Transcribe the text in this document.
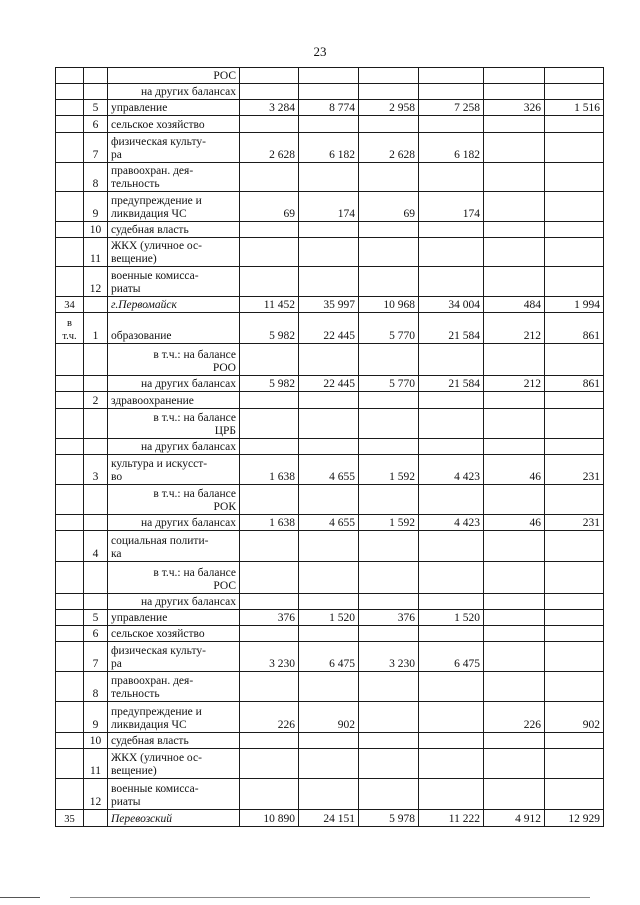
23
		РОС						
		на других балансах						
	5	управление	3 284	8 774	2 958	7 258	326	1 516
	6	сельское хозяйство						
	7	физическая культу-
ра	2 628	6 182	2 628	6 182		
	8	правоохран. дея-
тельность						
	9	предупреждение и
ликвидация ЧС	69	174	69	174		
	10	судебная власть						
	11	ЖКХ (уличное ос-
вещение)						
	12	военные комисса-
риаты						
34		г.Первомайск	11 452	35 997	10 968	34 004	484	1 994
в
т.ч.	1	образование	5 982	22 445	5 770	21 584	212	861
		в т.ч.: на балансе
РОО						
		на других балансах	5 982	22 445	5 770	21 584	212	861
	2	здравоохранение						
		в т.ч.: на балансе
ЦРБ						
		на других балансах						
	3	культура и искусст-
во	1 638	4 655	1 592	4 423	46	231
		в т.ч.: на балансе
РОК						
		на других балансах	1 638	4 655	1 592	4 423	46	231
	4	социальная полити-
ка						
		в т.ч.: на балансе
РОС						
		на других балансах						
	5	управление	376	1 520	376	1 520		
	6	сельское хозяйство						
	7	физическая культу-
ра	3 230	6 475	3 230	6 475		
	8	правоохран. дея-
тельность						
	9	предупреждение и
ликвидация ЧС	226	902			226	902
	10	судебная власть						
	11	ЖКХ (уличное ос-
вещение)						
	12	военные комисса-
риаты						
35		Перевозский	10 890	24 151	5 978	11 222	4 912	12 929
